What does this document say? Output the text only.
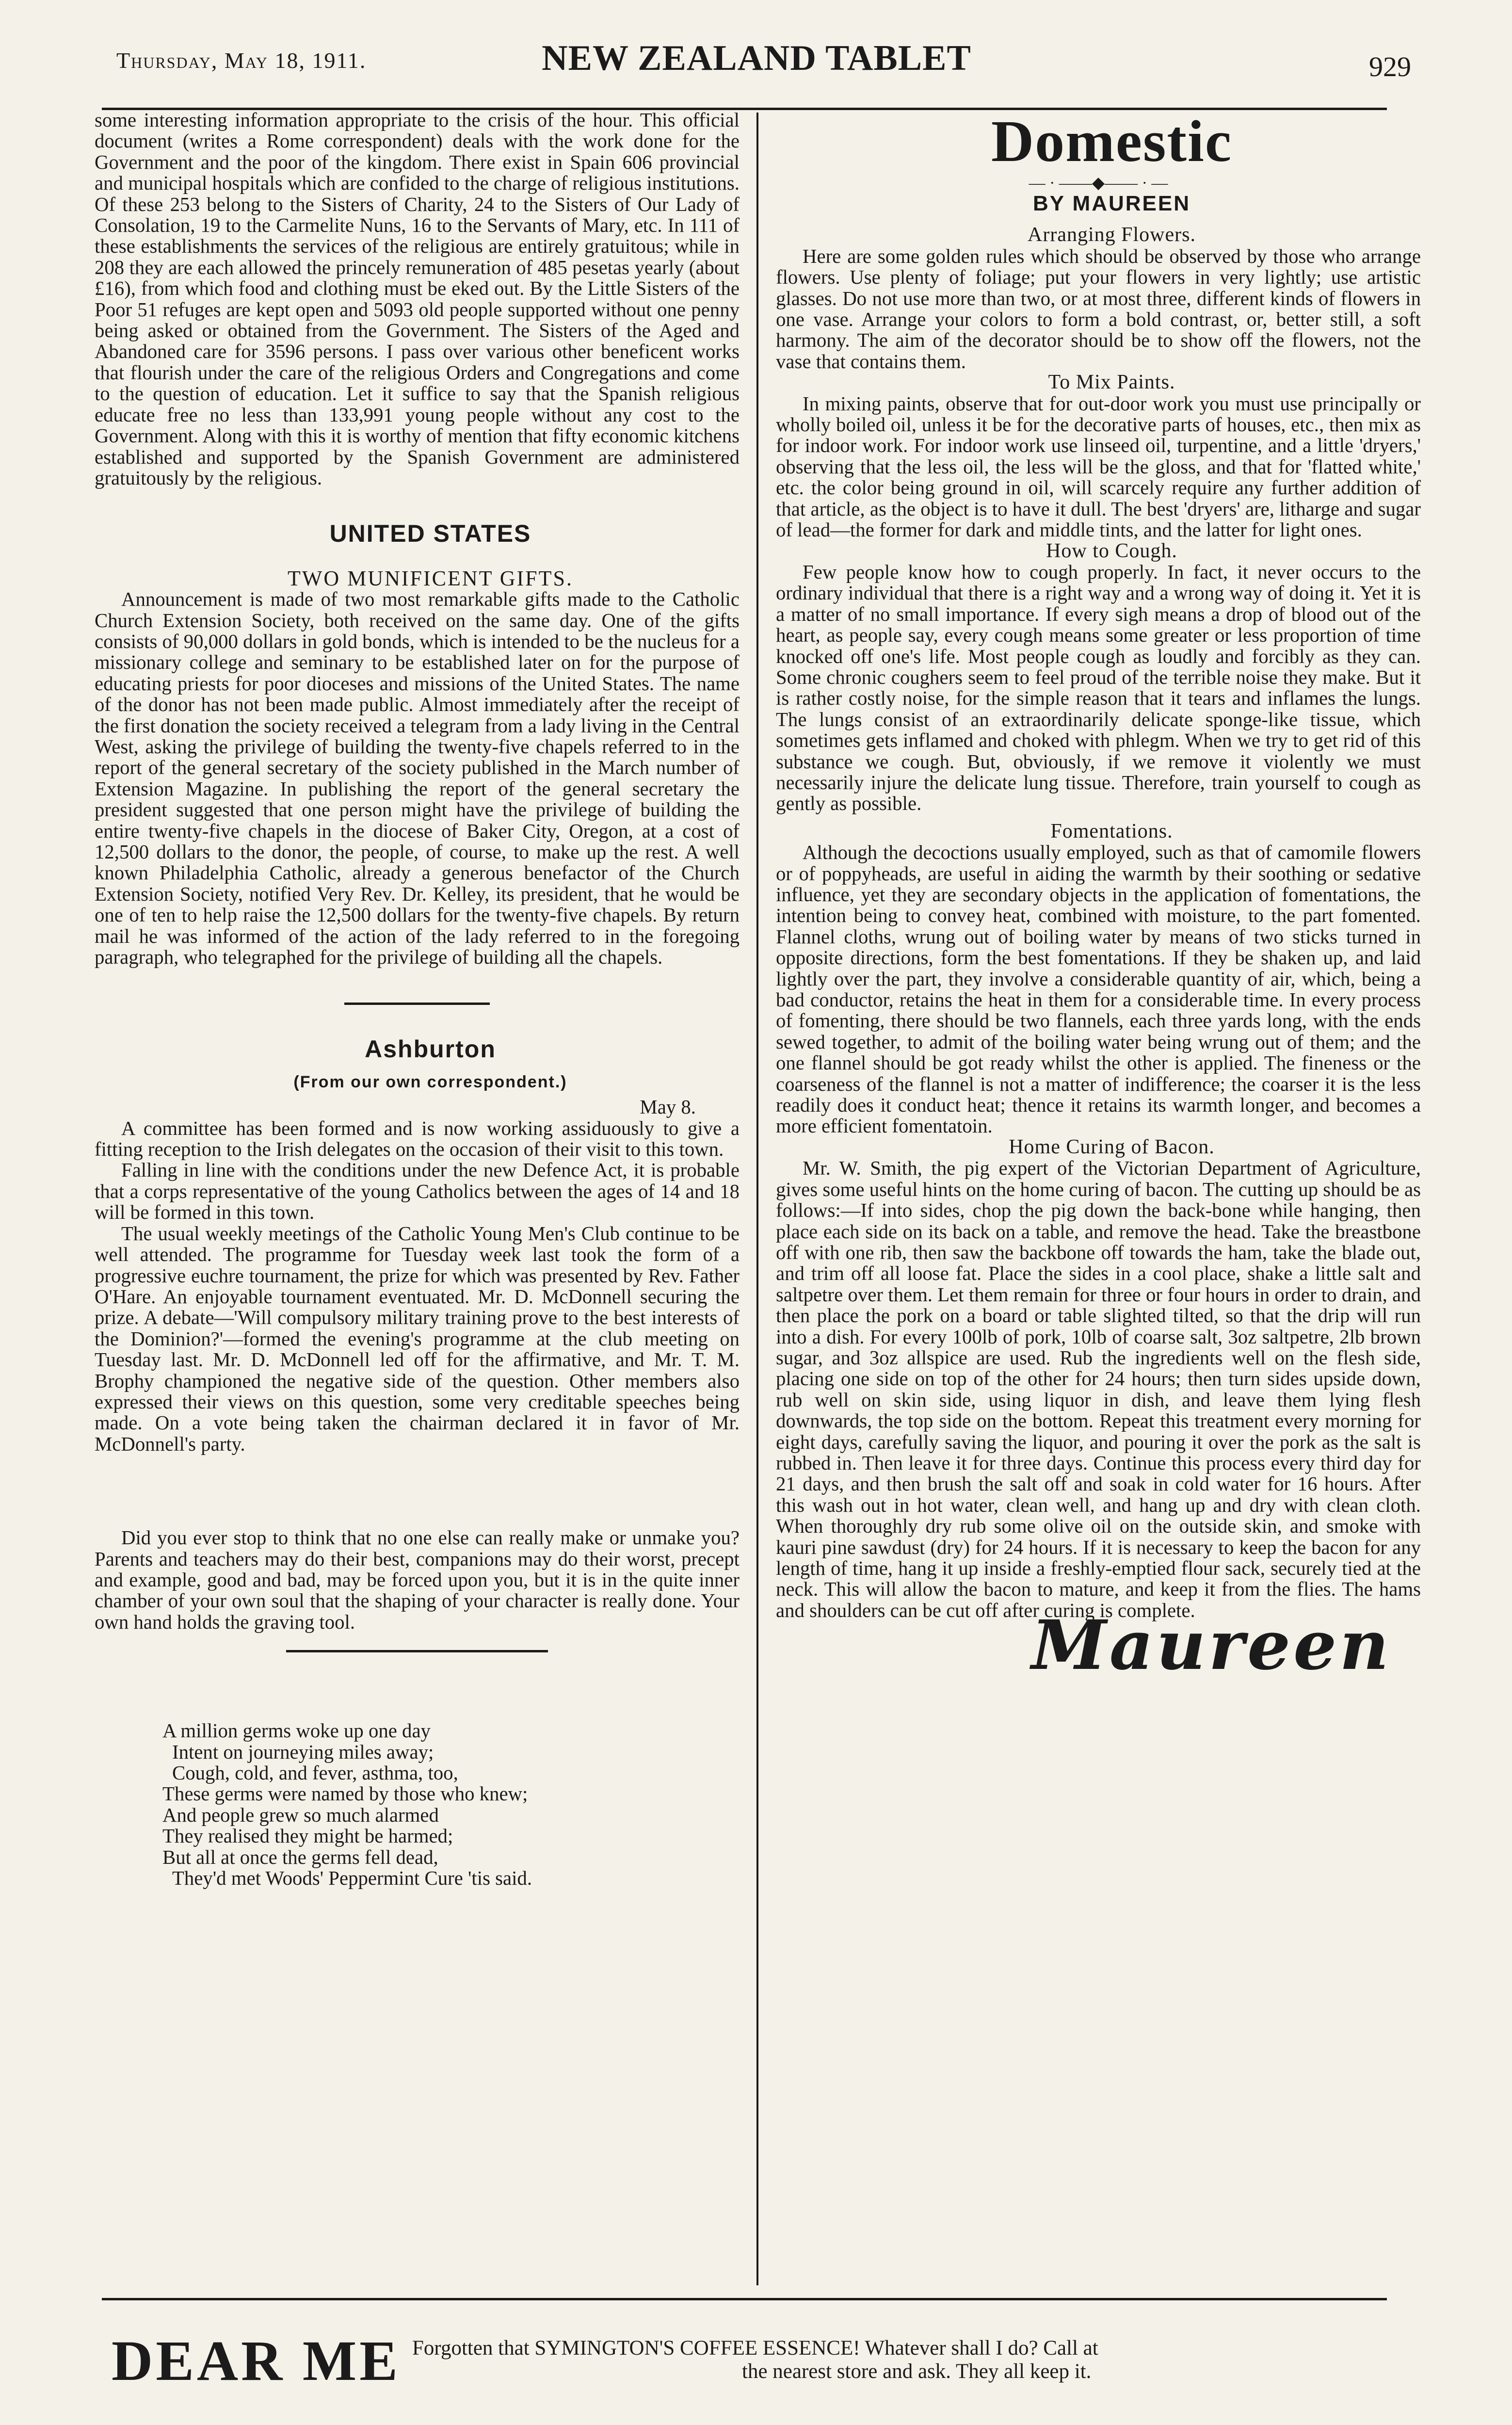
Thursday, May 18, 1911.	NEW ZEALAND TABLET	929

some interesting information appropriate to the crisis of the hour. This official document (writes a Rome correspondent) deals with the work done for the Government and the poor of the kingdom. There exist in Spain 606 provincial and municipal hospitals which are confided to the charge of religious institutions. Of these 253 belong to the Sisters of Charity, 24 to the Sisters of Our Lady of Consolation, 19 to the Carmelite Nuns, 16 to the Servants of Mary, etc. In 111 of these establishments the services of the religious are entirely gratuitous; while in 208 they are each allowed the princely remuneration of 485 pesetas yearly (about £16), from which food and clothing must be eked out. By the Little Sisters of the Poor 51 refuges are kept open and 5093 old people supported without one penny being asked or obtained from the Government. The Sisters of the Aged and Abandoned care for 3596 persons. I pass over various other beneficent works that flourish under the care of the religious Orders and Congregations and come to the question of education. Let it suffice to say that the Spanish religious educate free no less than 133,991 young people without any cost to the Government. Along with this it is worthy of mention that fifty economic kitchens established and supported by the Spanish Government are administered gratuitously by the religious.

UNITED STATES

TWO MUNIFICENT GIFTS.

Announcement is made of two most remarkable gifts made to the Catholic Church Extension Society, both received on the same day. One of the gifts consists of 90,000 dollars in gold bonds, which is intended to be the nucleus for a missionary college and seminary to be established later on for the purpose of educating priests for poor dioceses and missions of the United States. The name of the donor has not been made public. Almost immediately after the receipt of the first donation the society received a telegram from a lady living in the Central West, asking the privilege of building the twenty-five chapels referred to in the report of the general secretary of the society published in the March number of Extension Magazine. In publishing the report of the general secretary the president suggested that one person might have the privilege of building the entire twenty-five chapels in the diocese of Baker City, Oregon, at a cost of 12,500 dollars to the donor, the people, of course, to make up the rest. A well known Philadelphia Catholic, already a generous benefactor of the Church Extension Society, notified Very Rev. Dr. Kelley, its president, that he would be one of ten to help raise the 12,500 dollars for the twenty-five chapels. By return mail he was informed of the action of the lady referred to in the foregoing paragraph, who telegraphed for the privilege of building all the chapels.

Ashburton

(From our own correspondent.)

May 8.

A committee has been formed and is now working assiduously to give a fitting reception to the Irish delegates on the occasion of their visit to this town.

Falling in line with the conditions under the new Defence Act, it is probable that a corps representative of the young Catholics between the ages of 14 and 18 will be formed in this town.

The usual weekly meetings of the Catholic Young Men's Club continue to be well attended. The programme for Tuesday week last took the form of a progressive euchre tournament, the prize for which was presented by Rev. Father O'Hare. An enjoyable tournament eventuated. Mr. D. McDonnell securing the prize. A debate—'Will compulsory military training prove to the best interests of the Dominion?'—formed the evening's programme at the club meeting on Tuesday last. Mr. D. McDonnell led off for the affirmative, and Mr. T. M. Brophy championed the negative side of the question. Other members also expressed their views on this question, some very creditable speeches being made. On a vote being taken the chairman declared it in favor of Mr. McDonnell's party.

Did you ever stop to think that no one else can really make or unmake you? Parents and teachers may do their best, companions may do their worst, precept and example, good and bad, may be forced upon you, but it is in the quite inner chamber of your own soul that the shaping of your character is really done. Your own hand holds the graving tool.

A million germs woke up one day

Intent on journeying miles away;

Cough, cold, and fever, asthma, too,

These germs were named by those who knew;

And people grew so much alarmed

They realised they might be harmed;

But all at once the germs fell dead,

They'd met Woods' Peppermint Cure 'tis said.

Domestic

— · ——◆—— · —

BY MAUREEN

Arranging Flowers.

Here are some golden rules which should be observed by those who arrange flowers. Use plenty of foliage; put your flowers in very lightly; use artistic glasses. Do not use more than two, or at most three, different kinds of flowers in one vase. Arrange your colors to form a bold contrast, or, better still, a soft harmony. The aim of the decorator should be to show off the flowers, not the vase that contains them.

To Mix Paints.

In mixing paints, observe that for out-door work you must use principally or wholly boiled oil, unless it be for the decorative parts of houses, etc., then mix as for indoor work. For indoor work use linseed oil, turpentine, and a little 'dryers,' observing that the less oil, the less will be the gloss, and that for 'flatted white,' etc. the color being ground in oil, will scarcely require any further addition of that article, as the object is to have it dull. The best 'dryers' are, litharge and sugar of lead—the former for dark and middle tints, and the latter for light ones.

How to Cough.

Few people know how to cough properly. In fact, it never occurs to the ordinary individual that there is a right way and a wrong way of doing it. Yet it is a matter of no small importance. If every sigh means a drop of blood out of the heart, as people say, every cough means some greater or less proportion of time knocked off one's life. Most people cough as loudly and forcibly as they can. Some chronic coughers seem to feel proud of the terrible noise they make. But it is rather costly noise, for the simple reason that it tears and inflames the lungs. The lungs consist of an extraordinarily delicate sponge-like tissue, which sometimes gets inflamed and choked with phlegm. When we try to get rid of this substance we cough. But, obviously, if we remove it violently we must necessarily injure the delicate lung tissue. Therefore, train yourself to cough as gently as possible.

Fomentations.

Although the decoctions usually employed, such as that of camomile flowers or of poppyheads, are useful in aiding the warmth by their soothing or sedative influence, yet they are secondary objects in the application of fomentations, the intention being to convey heat, combined with moisture, to the part fomented. Flannel cloths, wrung out of boiling water by means of two sticks turned in opposite directions, form the best fomentations. If they be shaken up, and laid lightly over the part, they involve a considerable quantity of air, which, being a bad conductor, retains the heat in them for a considerable time. In every process of fomenting, there should be two flannels, each three yards long, with the ends sewed together, to admit of the boiling water being wrung out of them; and the one flannel should be got ready whilst the other is applied. The fineness or the coarseness of the flannel is not a matter of indifference; the coarser it is the less readily does it conduct heat; thence it retains its warmth longer, and becomes a more efficient fomentatoin.

Home Curing of Bacon.

Mr. W. Smith, the pig expert of the Victorian Department of Agriculture, gives some useful hints on the home curing of bacon. The cutting up should be as follows:—If into sides, chop the pig down the back-bone while hanging, then place each side on its back on a table, and remove the head. Take the breastbone off with one rib, then saw the backbone off towards the ham, take the blade out, and trim off all loose fat. Place the sides in a cool place, shake a little salt and saltpetre over them. Let them remain for three or four hours in order to drain, and then place the pork on a board or table slighted tilted, so that the drip will run into a dish. For every 100lb of pork, 10lb of coarse salt, 3oz saltpetre, 2lb brown sugar, and 3oz allspice are used. Rub the ingredients well on the flesh side, placing one side on top of the other for 24 hours; then turn sides upside down, rub well on skin side, using liquor in dish, and leave them lying flesh downwards, the top side on the bottom. Repeat this treatment every morning for eight days, carefully saving the liquor, and pouring it over the pork as the salt is rubbed in. Then leave it for three days. Continue this process every third day for 21 days, and then brush the salt off and soak in cold water for 16 hours. After this wash out in hot water, clean well, and hang up and dry with clean cloth. When thoroughly dry rub some olive oil on the outside skin, and smoke with kauri pine sawdust (dry) for 24 hours. If it is necessary to keep the bacon for any length of time, hang it up inside a freshly-emptied flour sack, securely tied at the neck. This will allow the bacon to mature, and keep it from the flies. The hams and shoulders can be cut off after curing is complete.

Maureen

DEAR ME Forgotten that SYMINGTON'S COFFEE ESSENCE! Whatever shall I do? Call at
the nearest store and ask. They all keep it.
